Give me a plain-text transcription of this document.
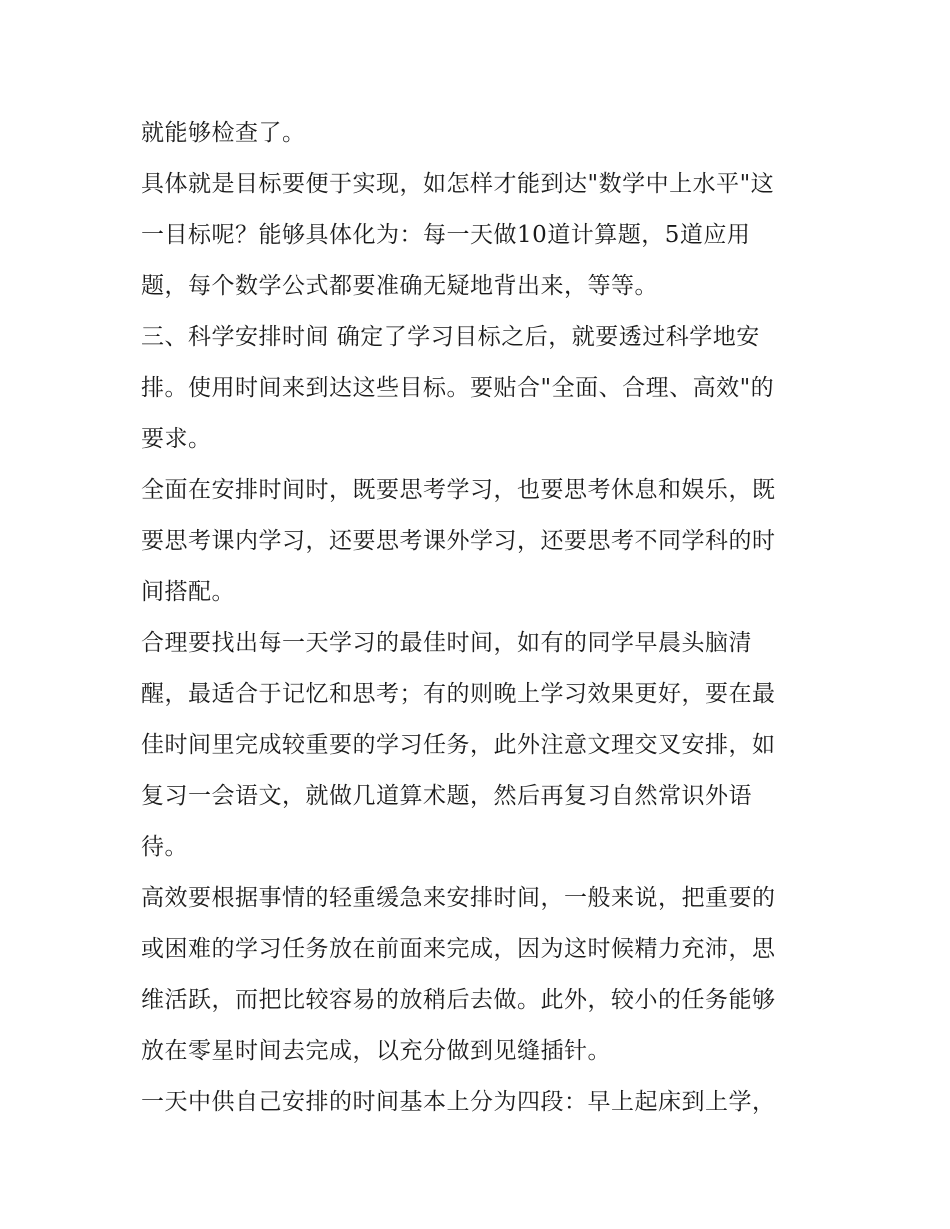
就能够检查了。
具体就是目标要便于实现，如怎样才能到达"数学中上水平"这
一目标呢？能够具体化为：每一天做10道计算题，5道应用
题，每个数学公式都要准确无疑地背出来，等等。
三、科学安排时间 确定了学习目标之后，就要透过科学地安
排。使用时间来到达这些目标。要贴合"全面、合理、高效"的
要求。
全面在安排时间时，既要思考学习，也要思考休息和娱乐，既
要思考课内学习，还要思考课外学习，还要思考不同学科的时
间搭配。
合理要找出每一天学习的最佳时间，如有的同学早晨头脑清
醒，最适合于记忆和思考；有的则晚上学习效果更好，要在最
佳时间里完成较重要的学习任务，此外注意文理交叉安排，如
复习一会语文，就做几道算术题，然后再复习自然常识外语
待。
高效要根据事情的轻重缓急来安排时间，一般来说，把重要的
或困难的学习任务放在前面来完成，因为这时候精力充沛，思
维活跃，而把比较容易的放稍后去做。此外，较小的任务能够
放在零星时间去完成，以充分做到见缝插针。
一天中供自己安排的时间基本上分为四段：早上起床到上学，
